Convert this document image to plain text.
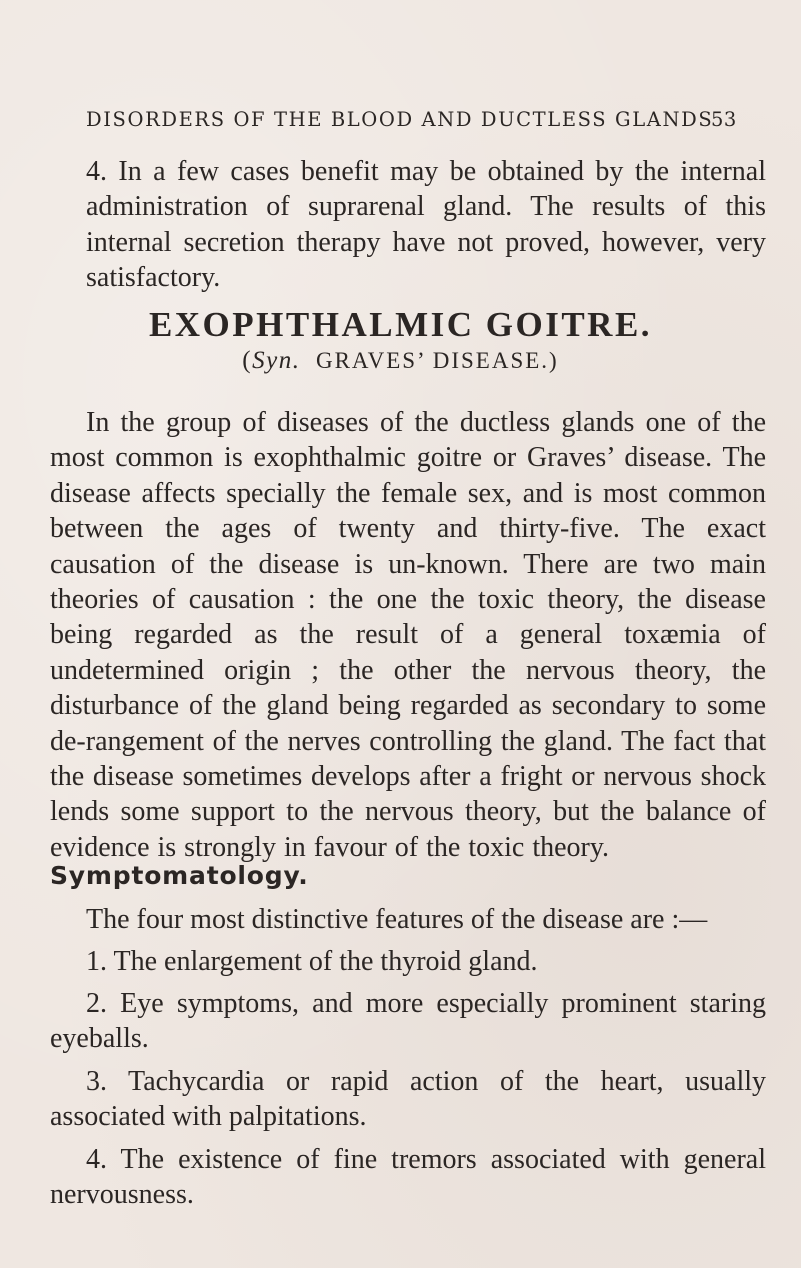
DISORDERS OF THE BLOOD AND DUCTLESS GLANDS
53

4. In a few cases benefit may be obtained by the internal administration of suprarenal gland. The results of this internal secretion therapy have not proved, however, very satisfactory.

EXOPHTHALMIC GOITRE.

(Syn. GRAVES’ DISEASE.)

In the group of diseases of the ductless glands one of the most common is exophthalmic goitre or Graves’ disease. The disease affects specially the female sex, and is most common between the ages of twenty and thirty-five. The exact causation of the disease is un-known. There are two main theories of causation : the one the toxic theory, the disease being regarded as the result of a general toxæmia of undetermined origin ; the other the nervous theory, the disturbance of the gland being regarded as secondary to some de-rangement of the nerves controlling the gland. The fact that the disease sometimes develops after a fright or nervous shock lends some support to the nervous theory, but the balance of evidence is strongly in favour of the toxic theory.

Symptomatology.

The four most distinctive features of the disease are :—

1. The enlargement of the thyroid gland.

2. Eye symptoms, and more especially prominent staring eyeballs.

3. Tachycardia or rapid action of the heart, usually associated with palpitations.

4. The existence of fine tremors associated with general nervousness.
